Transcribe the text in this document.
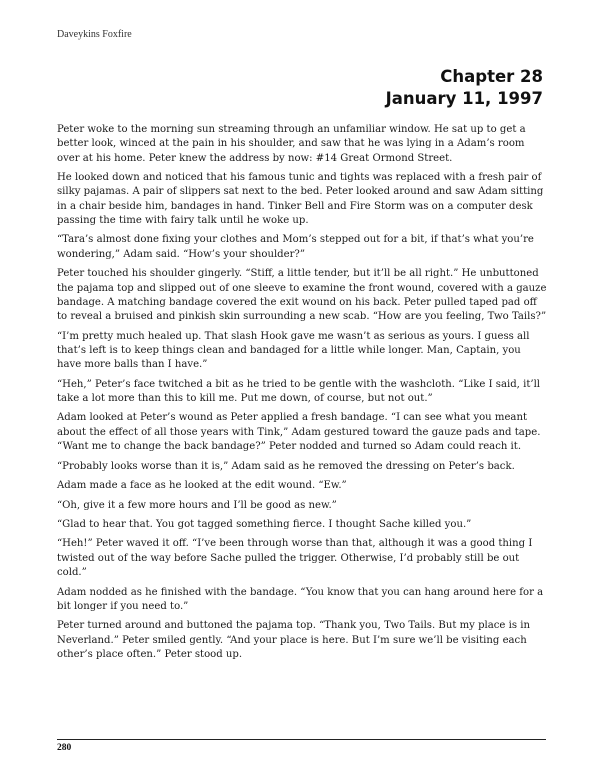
Daveykins Foxfire
Chapter 28
January 11, 1997

Peter woke to the morning sun streaming through an unfamiliar window. He sat up to get a better look, winced at the pain in his shoulder, and saw that he was lying in a Adam’s room over at his home. Peter knew the address by now: #14 Great Ormond Street.

He looked down and noticed that his famous tunic and tights was replaced with a fresh pair of silky pajamas. A pair of slippers sat next to the bed. Peter looked around and saw Adam sitting in a chair beside him, bandages in hand. Tinker Bell and Fire Storm was on a computer desk passing the time with fairy talk until he woke up.

“Tara’s almost done fixing your clothes and Mom’s stepped out for a bit, if that’s what you’re wondering,” Adam said. “How’s your shoulder?”

Peter touched his shoulder gingerly. “Stiff, a little tender, but it’ll be all right.” He unbuttoned the pajama top and slipped out of one sleeve to examine the front wound, covered with a gauze bandage. A matching bandage covered the exit wound on his back. Peter pulled taped pad off to reveal a bruised and pinkish skin surrounding a new scab. “How are you feeling, Two Tails?”

“I’m pretty much healed up. That slash Hook gave me wasn’t as serious as yours. I guess all that’s left is to keep things clean and bandaged for a little while longer. Man, Captain, you have more balls than I have.”

“Heh,” Peter’s face twitched a bit as he tried to be gentle with the washcloth. “Like I said, it’ll take a lot more than this to kill me. Put me down, of course, but not out.”

Adam looked at Peter’s wound as Peter applied a fresh bandage. “I can see what you meant about the effect of all those years with Tink,” Adam gestured toward the gauze pads and tape. “Want me to change the back bandage?” Peter nodded and turned so Adam could reach it.

“Probably looks worse than it is,” Adam said as he removed the dressing on Peter’s back.

Adam made a face as he looked at the edit wound. “Ew.”

“Oh, give it a few more hours and I’ll be good as new.”

“Glad to hear that. You got tagged something fierce. I thought Sache killed you.”

“Heh!” Peter waved it off. “I’ve been through worse than that, although it was a good thing I twisted out of the way before Sache pulled the trigger. Otherwise, I’d probably still be out cold.”

Adam nodded as he finished with the bandage. “You know that you can hang around here for a bit longer if you need to.”

Peter turned around and buttoned the pajama top. “Thank you, Two Tails. But my place is in Neverland.” Peter smiled gently. “And your place is here. But I’m sure we’ll be visiting each other’s place often.” Peter stood up.

280
